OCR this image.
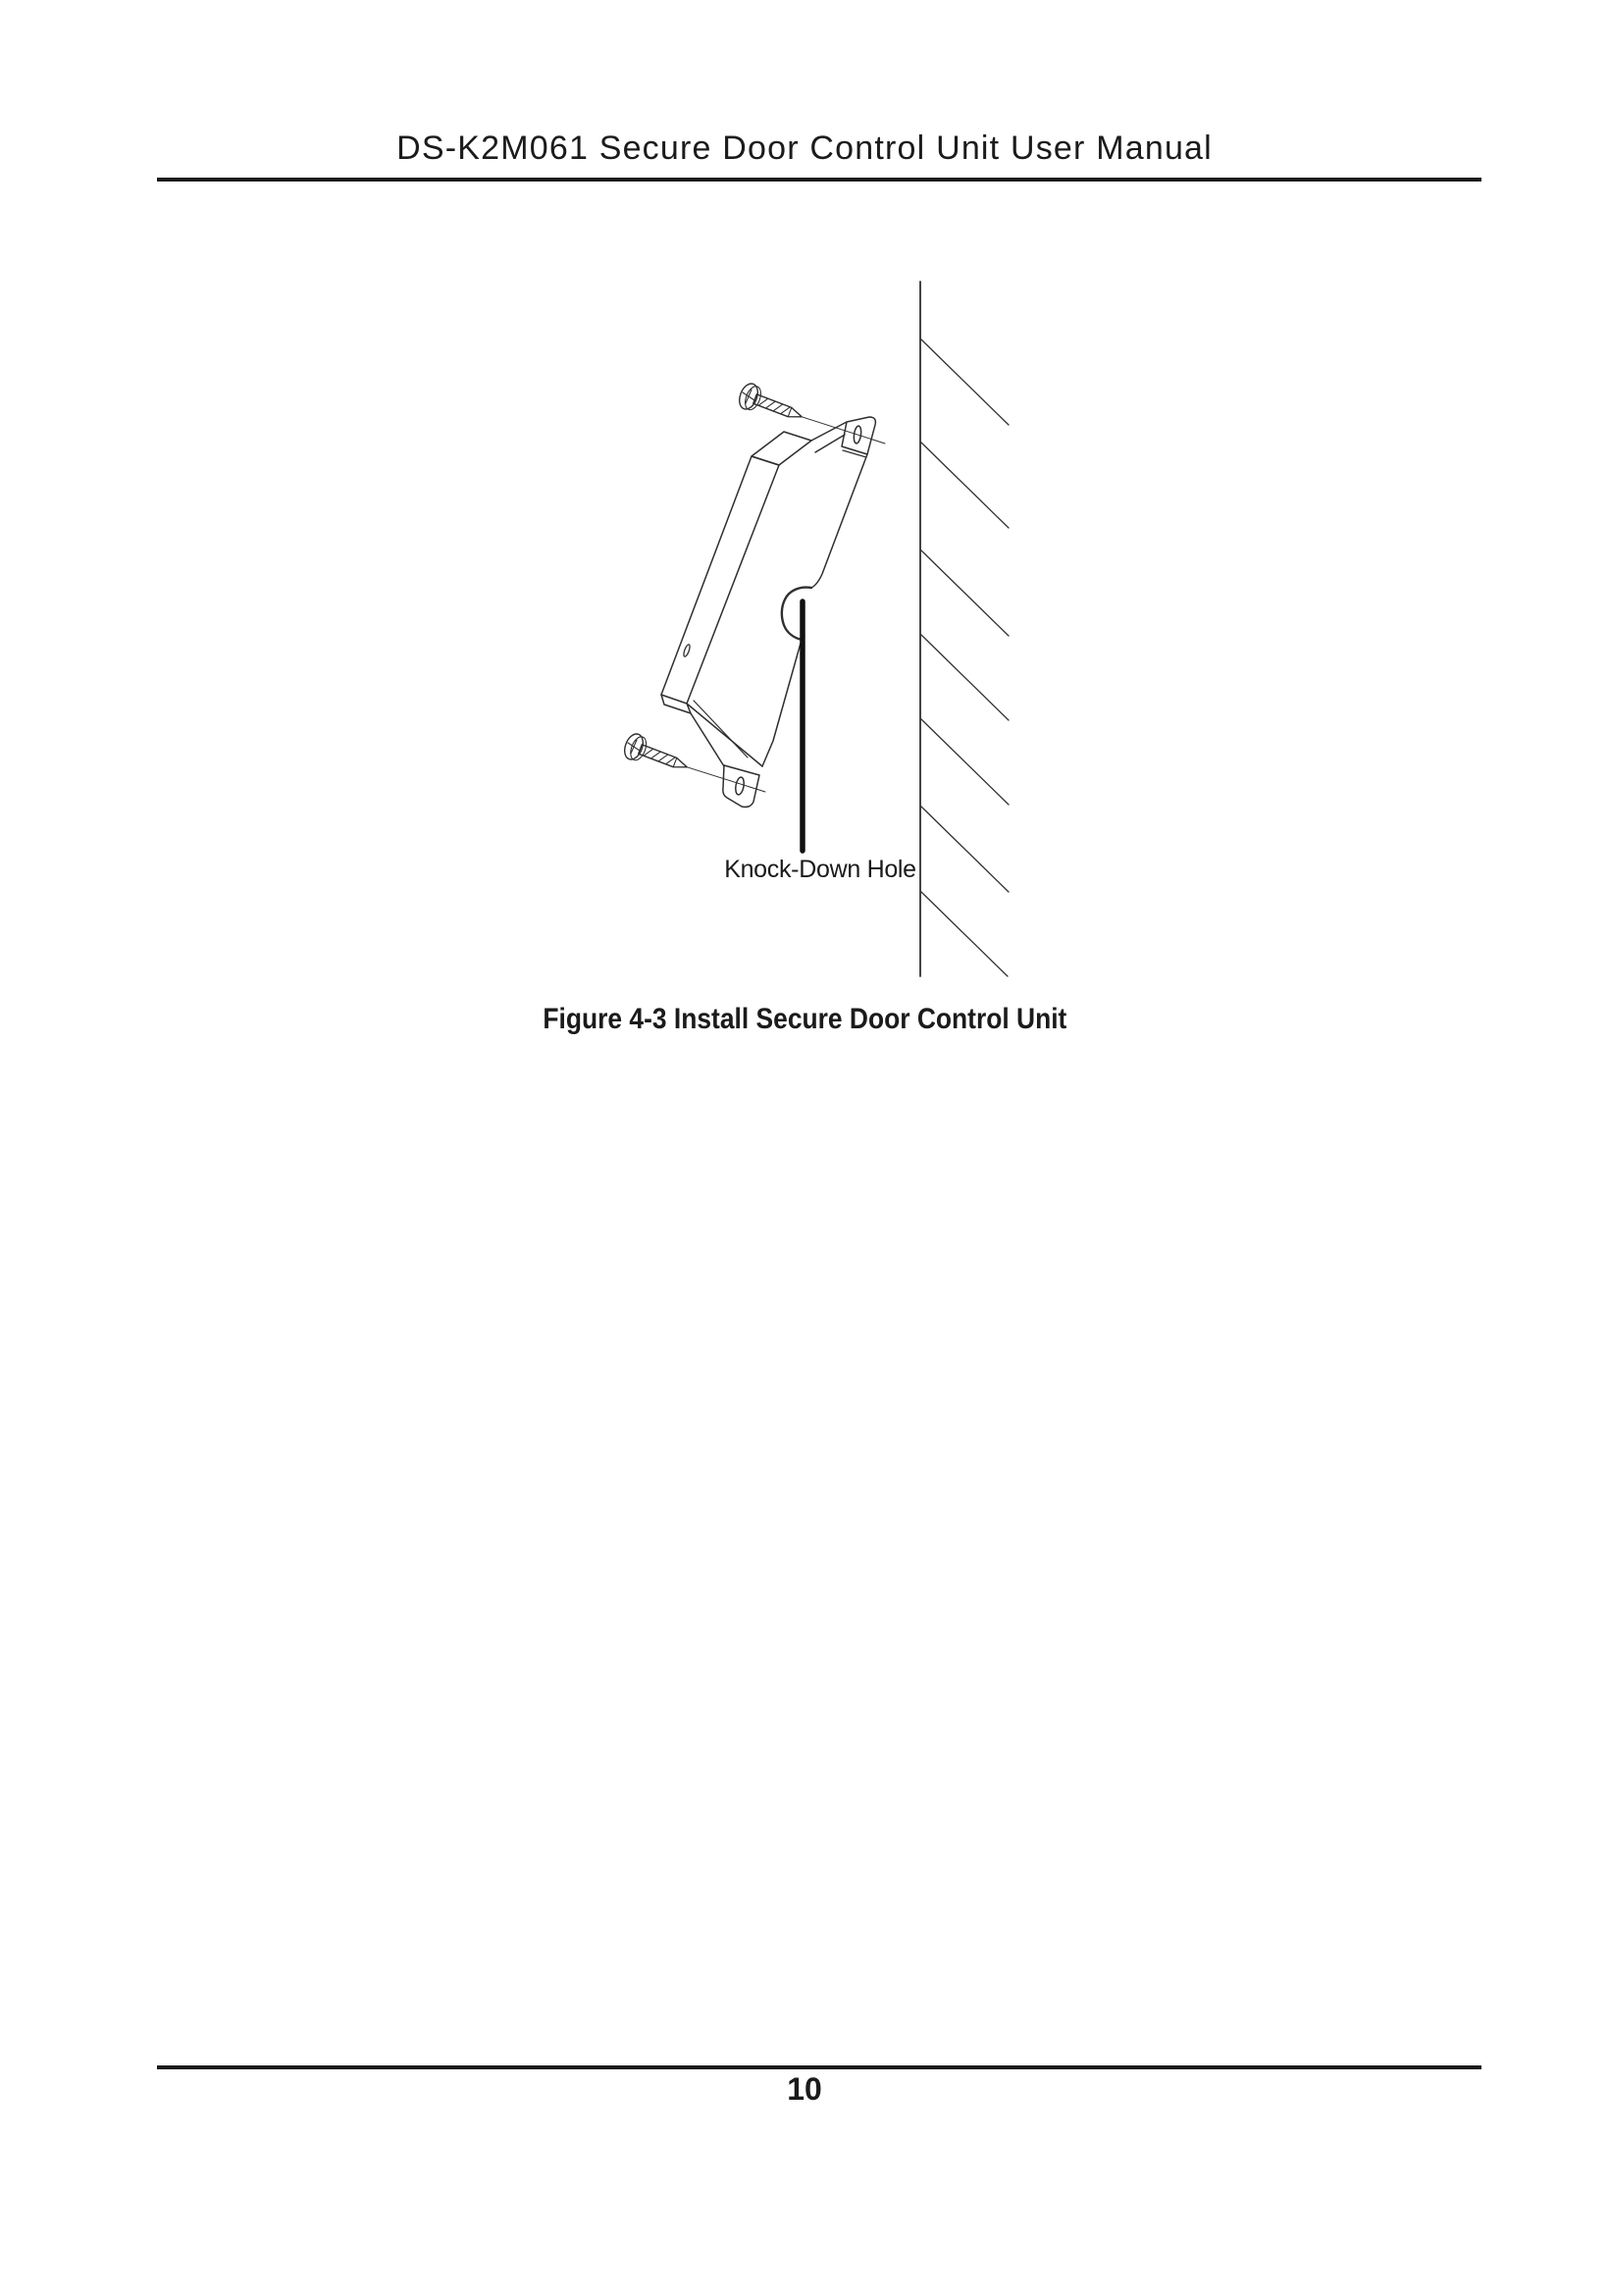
DS-K2M061 Secure Door Control Unit User Manual
Knock-Down Hole
Figure 4-3 Install Secure Door Control Unit
10
